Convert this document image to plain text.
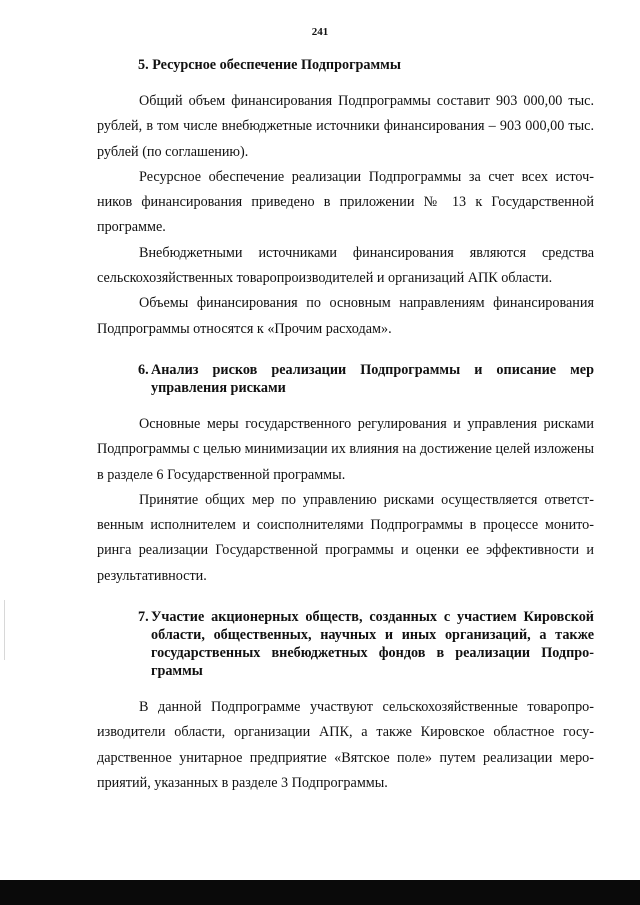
241
5. Ресурсное обеспечение Подпрограммы

Общий объем финансирования Подпрограммы составит 903 000,00 тыс. рублей, в том числе внебюджетные источники финансирования – 903 000,00 тыс. рублей (по соглашению).

Ресурсное обеспечение реализации Подпрограммы за счет всех источников финансирования приведено в приложении № 13 к Государственной программе.

Внебюджетными источниками финансирования являются средства сельскохозяйственных товаропроизводителей и организаций АПК области.

Объемы финансирования по основным направлениям финансирования Подпрограммы относятся к «Прочим расходам».

6. Анализ рисков реализации Подпрограммы и описание мер управления рисками

Основные меры государственного регулирования и управления рисками Подпрограммы с целью минимизации их влияния на достижение целей изложены в разделе 6 Государственной программы.

Принятие общих мер по управлению рисками осуществляется ответственным исполнителем и соисполнителями Подпрограммы в процессе мониторинга реализации Государственной программы и оценки ее эффективности и результативности.

7. Участие акционерных обществ, созданных с участием Кировской области, общественных, научных и иных организаций, а также государственных внебюджетных фондов в реализации Подпрограммы

В данной Подпрограмме участвуют сельскохозяйственные товаропроизводители области, организации АПК, а также Кировское областное государственное унитарное предприятие «Вятское поле» путем реализации мероприятий, указанных в разделе 3 Подпрограммы.
